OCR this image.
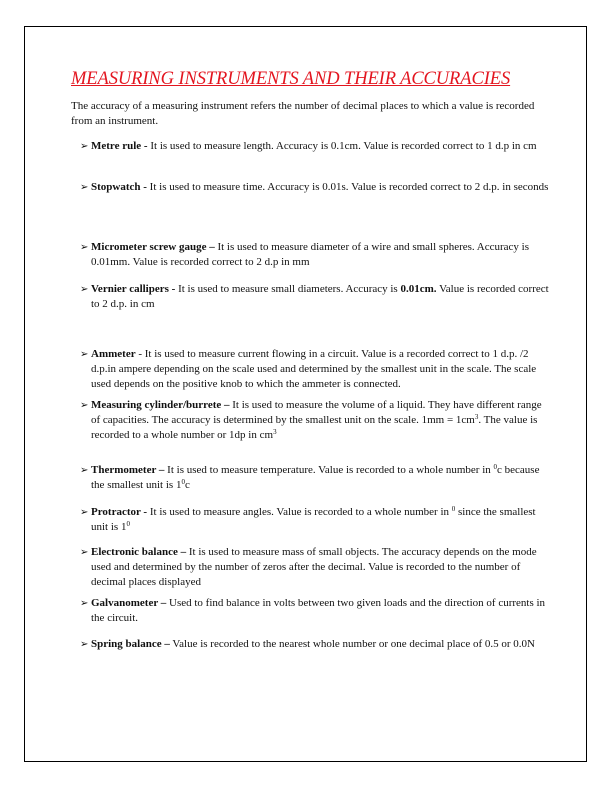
MEASURING INSTRUMENTS AND THEIR ACCURACIES
The accuracy of a measuring instrument refers the number of decimal places to which a value is recorded from an instrument.
➢ Metre rule - It is used to measure length. Accuracy is 0.1cm. Value is recorded correct to 1 d.p in cm
➢ Stopwatch - It is used to measure time. Accuracy is 0.01s. Value is recorded correct to 2 d.p. in seconds
➢ Micrometer screw gauge – It is used to measure diameter of a wire and small spheres. Accuracy is 0.01mm. Value is recorded correct to 2 d.p in mm
➢ Vernier callipers - It is used to measure small diameters. Accuracy is 0.01cm. Value is recorded correct to 2 d.p. in cm
➢ Ammeter - It is used to measure current flowing in a circuit. Value is a recorded correct to 1 d.p. /2 d.p.in ampere depending on the scale used and determined by the smallest unit in the scale. The scale used depends on the positive knob to which the ammeter is connected.
➢ Measuring cylinder/burrete – It is used to measure the volume of a liquid. They have different range of capacities. The accuracy is determined by the smallest unit on the scale. $1mm = 1cm^3$. The value is recorded to a whole number or 1dp in $cm^3$
➢ Thermometer – It is used to measure temperature. Value is recorded to a whole number in $^0$c because the smallest unit is $1^0c$
➢ Protractor - It is used to measure angles. Value is recorded to a whole number in $^0$ since the smallest unit is $1^0$
➢ Electronic balance – It is used to measure mass of small objects. The accuracy depends on the mode used and determined by the number of zeros after the decimal. Value is recorded to the number of decimal places displayed
➢ Galvanometer – Used to find balance in volts between two given loads and the direction of currents in the circuit.
➢ Spring balance – Value is recorded to the nearest whole number or one decimal place of 0.5 or 0.0N
